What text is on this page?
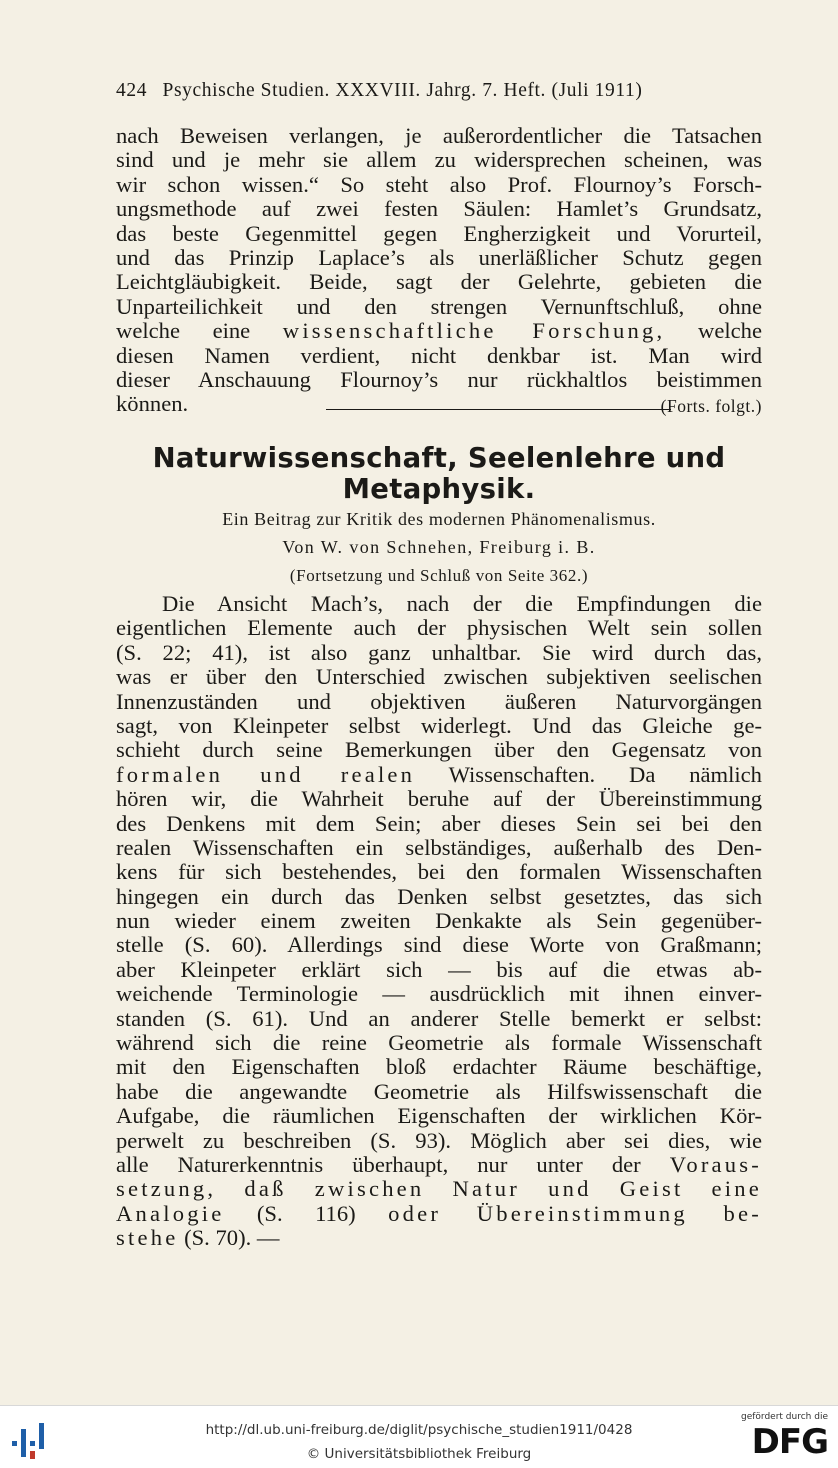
424 Psychische Studien. XXXVIII. Jahrg. 7. Heft. (Juli 1911)
nach Beweisen verlangen, je außerordentlicher die Tatsachen
sind und je mehr sie allem zu widersprechen scheinen, was
wir schon wissen.“ So steht also Prof. Flournoy’s Forsch-
ungsmethode auf zwei festen Säulen: Hamlet’s Grundsatz,
das beste Gegenmittel gegen Engherzigkeit und Vorurteil,
und das Prinzip Laplace’s als unerläßlicher Schutz gegen
Leichtgläubigkeit. Beide, sagt der Gelehrte, gebieten die
Unparteilichkeit und den strengen Vernunftschluß, ohne
welche eine wissenschaftliche Forschung, welche
diesen Namen verdient, nicht denkbar ist. Man wird
dieser Anschauung Flournoy’s nur rückhaltlos beistimmen
können.	(Forts. folgt.)
Naturwissenschaft, Seelenlehre und
Metaphysik.
Ein Beitrag zur Kritik des modernen Phänomenalismus.
Von W. von Schnehen, Freiburg i. B.
(Fortsetzung und Schluß von Seite 362.)
Die Ansicht Mach’s, nach der die Empfindungen die
eigentlichen Elemente auch der physischen Welt sein sollen
(S. 22; 41), ist also ganz unhaltbar. Sie wird durch das,
was er über den Unterschied zwischen subjektiven seelischen
Innenzuständen und objektiven äußeren Naturvorgängen
sagt, von Kleinpeter selbst widerlegt. Und das Gleiche ge-
schieht durch seine Bemerkungen über den Gegensatz von
formalen und realen Wissenschaften. Da nämlich
hören wir, die Wahrheit beruhe auf der Übereinstimmung
des Denkens mit dem Sein; aber dieses Sein sei bei den
realen Wissenschaften ein selbständiges, außerhalb des Den-
kens für sich bestehendes, bei den formalen Wissenschaften
hingegen ein durch das Denken selbst gesetztes, das sich
nun wieder einem zweiten Denkakte als Sein gegenüber-
stelle (S. 60). Allerdings sind diese Worte von Graßmann;
aber Kleinpeter erklärt sich — bis auf die etwas ab-
weichende Terminologie — ausdrücklich mit ihnen einver-
standen (S. 61). Und an anderer Stelle bemerkt er selbst:
während sich die reine Geometrie als formale Wissenschaft
mit den Eigenschaften bloß erdachter Räume beschäftige,
habe die angewandte Geometrie als Hilfswissenschaft die
Aufgabe, die räumlichen Eigenschaften der wirklichen Kör-
perwelt zu beschreiben (S. 93). Möglich aber sei dies, wie
alle Naturerkenntnis überhaupt, nur unter der Voraus-
setzung, daß zwischen Natur und Geist eine
Analogie (S. 116) oder Übereinstimmung be-
stehe (S. 70). —
http://dl.ub.uni-freiburg.de/diglit/psychische_studien1911/0428
© Universitätsbibliothek Freiburg
gefördert durch die
DFG
